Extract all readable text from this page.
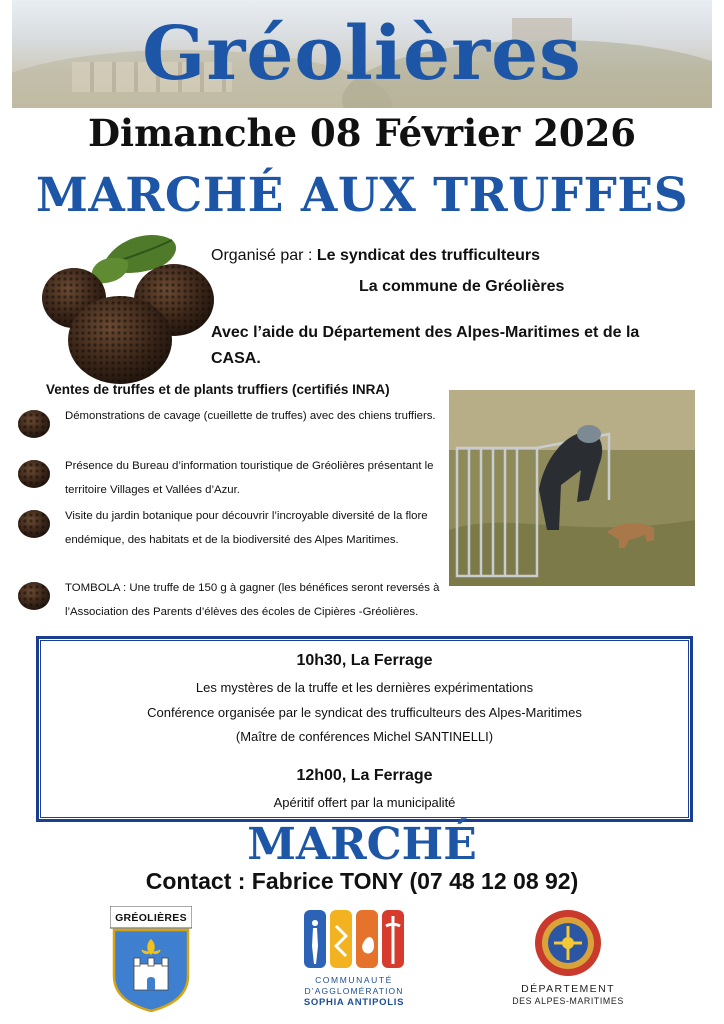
Gréolières
Dimanche 08 Février 2026
MARCHÉ AUX TRUFFES
Organisé par : Le syndicat des trufficulteurs
La commune de Gréolières
Avec l’aide du Département des Alpes-Maritimes et de la CASA.
Ventes de truffes et de plants truffiers (certifiés INRA)
Démonstrations de cavage (cueillette de truffes) avec des chiens truffiers.
Présence du Bureau d’information touristique de Gréolières présentant le territoire Villages et Vallées d’Azur.
Visite du jardin botanique pour découvrir l’incroyable diversité de la flore endémique, des habitats et de la biodiversité des Alpes Maritimes.
TOMBOLA : Une truffe de 150 g à gagner (les bénéfices seront reversés à l’Association des Parents d’élèves des écoles de Cipières -Gréolières.
10h30, La Ferrage
Les mystères de la truffe et les dernières expérimentations
Conférence organisée par le syndicat des trufficulteurs des Alpes-Maritimes
(Maître de conférences Michel SANTINELLI)
12h00, La Ferrage
Apéritif offert par la municipalité
MARCHÉ
Contact : Fabrice TONY (07 48 12 08 92)
GRÉOLIÈRES
COMMUNAUTÉ
D’AGGLOMÉRATION
SOPHIA ANTIPOLIS
DÉPARTEMENT
DES ALPES-MARITIMES
